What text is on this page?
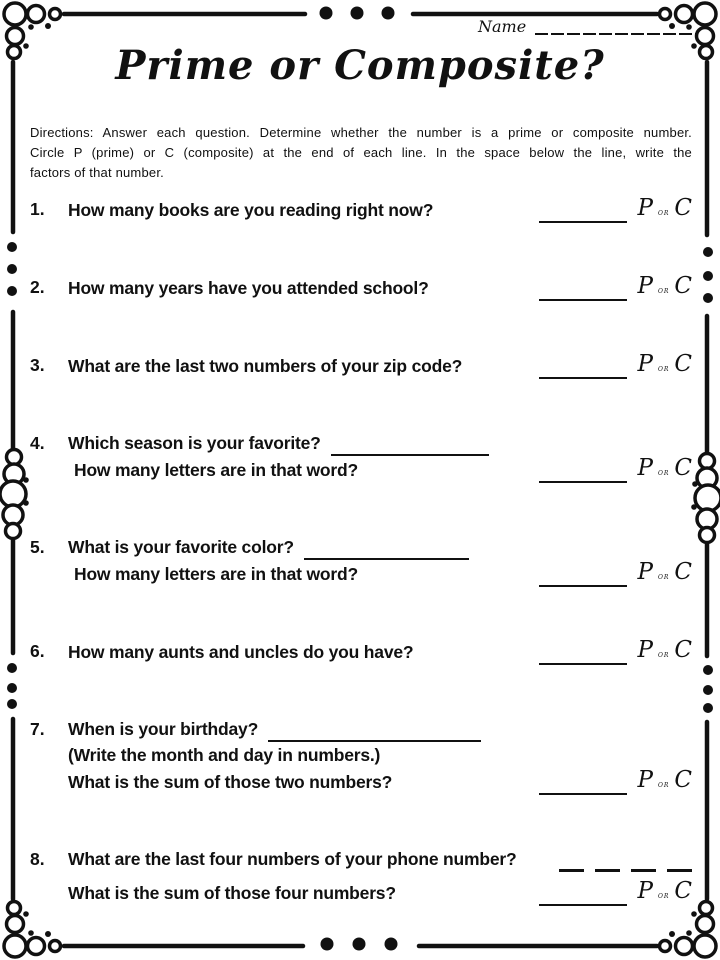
Name
Prime or Composite?
Directions: Answer each question. Determine whether the number is a prime or composite number.
Circle P (prime) or C (composite) at the end of each line. In the space below the line, write the
factors of that number.
1.	How many books are you reading right now?	P or C
2.	How many years have you attended school?	P or C
3.	What are the last two numbers of your zip code?	P or C
4.	Which season is your favorite?
How many letters are in that word?	P or C
5.	What is your favorite color?
How many letters are in that word?	P or C
6.	How many aunts and uncles do you have?	P or C
7.	When is your birthday?
(Write the month and day in numbers.)
What is the sum of those two numbers?	P or C
8.	What are the last four numbers of your phone number?
What is the sum of those four numbers?	P or C
